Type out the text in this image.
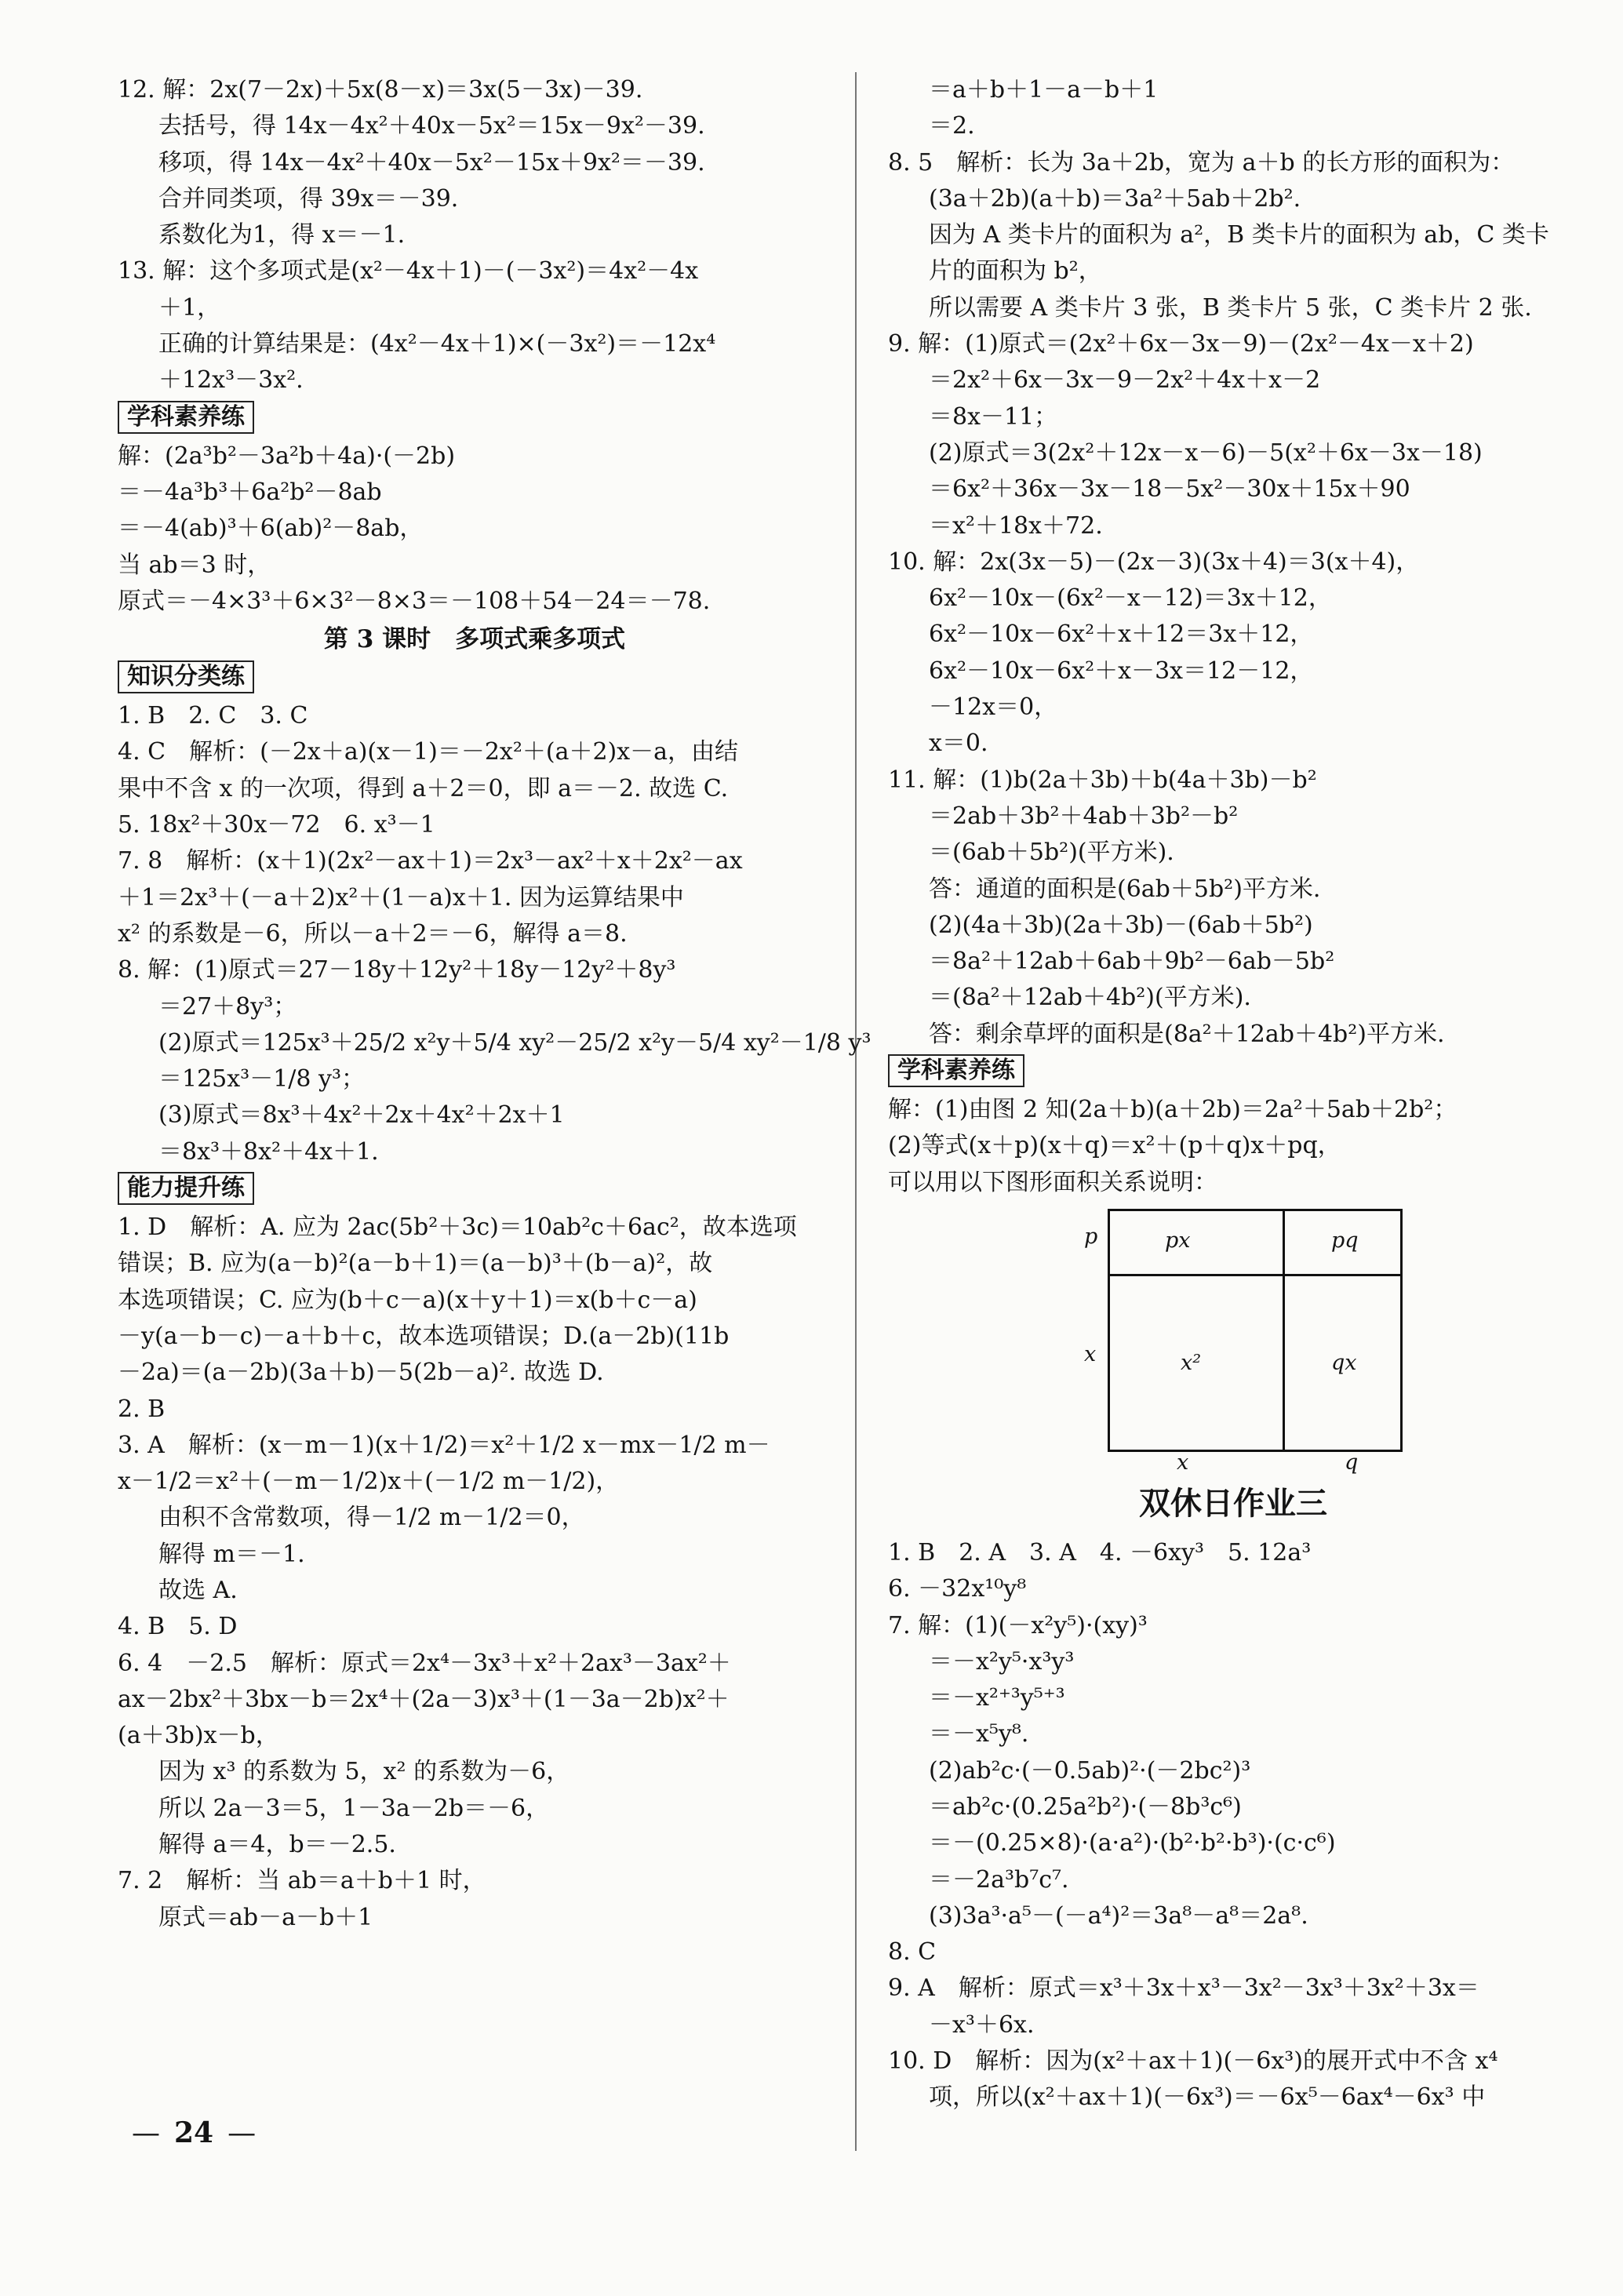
12. 解：2x(7－2x)＋5x(8－x)＝3x(5－3x)－39.
去括号，得 14x－4x²＋40x－5x²＝15x－9x²－39.
移项，得 14x－4x²＋40x－5x²－15x＋9x²＝－39.
合并同类项，得 39x＝－39.
系数化为1，得 x＝－1.
13. 解：这个多项式是(x²－4x＋1)－(－3x²)＝4x²－4x
＋1，
正确的计算结果是：(4x²－4x＋1)×(－3x²)＝－12x⁴
＋12x³－3x².
学科素养练
解：(2a³b²－3a²b＋4a)·(－2b)
＝－4a³b³＋6a²b²－8ab
＝－4(ab)³＋6(ab)²－8ab，
当 ab＝3 时，
原式＝－4×3³＋6×3²－8×3＝－108＋54－24＝－78.
第 3 课时　多项式乘多项式
知识分类练
1. B　2. C　3. C
4. C　解析：(－2x＋a)(x－1)＝－2x²＋(a＋2)x－a，由结
果中不含 x 的一次项，得到 a＋2＝0，即 a＝－2. 故选 C.
5. 18x²＋30x－72　6. x³－1
7. 8　解析：(x＋1)(2x²－ax＋1)＝2x³－ax²＋x＋2x²－ax
＋1＝2x³＋(－a＋2)x²＋(1－a)x＋1. 因为运算结果中
x² 的系数是－6，所以－a＋2＝－6，解得 a＝8.
8. 解：(1)原式＝27－18y＋12y²＋18y－12y²＋8y³
＝27＋8y³；
(2)原式＝125x³＋25/2 x²y＋5/4 xy²－25/2 x²y－5/4 xy²－1/8 y³
＝125x³－1/8 y³；
(3)原式＝8x³＋4x²＋2x＋4x²＋2x＋1
＝8x³＋8x²＋4x＋1.
能力提升练
1. D　解析：A. 应为 2ac(5b²＋3c)＝10ab²c＋6ac²，故本选项
错误；B. 应为(a－b)²(a－b＋1)＝(a－b)³＋(b－a)²，故
本选项错误；C. 应为(b＋c－a)(x＋y＋1)＝x(b＋c－a)
－y(a－b－c)－a＋b＋c，故本选项错误；D.(a－2b)(11b
－2a)＝(a－2b)(3a＋b)－5(2b－a)². 故选 D.
2. B
3. A　解析：(x－m－1)(x＋1/2)＝x²＋1/2 x－mx－1/2 m－
x－1/2＝x²＋(－m－1/2)x＋(－1/2 m－1/2)，
由积不含常数项，得－1/2 m－1/2＝0，
解得 m＝－1.
故选 A.
4. B　5. D
6. 4　－2.5　解析：原式＝2x⁴－3x³＋x²＋2ax³－3ax²＋
ax－2bx²＋3bx－b＝2x⁴＋(2a－3)x³＋(1－3a－2b)x²＋
(a＋3b)x－b，
因为 x³ 的系数为 5，x² 的系数为－6，
所以 2a－3＝5，1－3a－2b＝－6，
解得 a＝4，b＝－2.5.
7. 2　解析：当 ab＝a＋b＋1 时，
原式＝ab－a－b＋1
＝a＋b＋1－a－b＋1
＝2.
8. 5　解析：长为 3a＋2b，宽为 a＋b 的长方形的面积为：
(3a＋2b)(a＋b)＝3a²＋5ab＋2b².
因为 A 类卡片的面积为 a²，B 类卡片的面积为 ab，C 类卡
片的面积为 b²，
所以需要 A 类卡片 3 张，B 类卡片 5 张，C 类卡片 2 张.
9. 解：(1)原式＝(2x²＋6x－3x－9)－(2x²－4x－x＋2)
＝2x²＋6x－3x－9－2x²＋4x＋x－2
＝8x－11；
(2)原式＝3(2x²＋12x－x－6)－5(x²＋6x－3x－18)
＝6x²＋36x－3x－18－5x²－30x＋15x＋90
＝x²＋18x＋72.
10. 解：2x(3x－5)－(2x－3)(3x＋4)＝3(x＋4)，
6x²－10x－(6x²－x－12)＝3x＋12，
6x²－10x－6x²＋x＋12＝3x＋12，
6x²－10x－6x²＋x－3x＝12－12，
－12x＝0，
x＝0.
11. 解：(1)b(2a＋3b)＋b(4a＋3b)－b²
＝2ab＋3b²＋4ab＋3b²－b²
＝(6ab＋5b²)(平方米).
答：通道的面积是(6ab＋5b²)平方米.
(2)(4a＋3b)(2a＋3b)－(6ab＋5b²)
＝8a²＋12ab＋6ab＋9b²－6ab－5b²
＝(8a²＋12ab＋4b²)(平方米).
答：剩余草坪的面积是(8a²＋12ab＋4b²)平方米.
学科素养练
解：(1)由图 2 知(2a＋b)(a＋2b)＝2a²＋5ab＋2b²；
(2)等式(x＋p)(x＋q)＝x²＋(p＋q)x＋pq，
可以用以下图形面积关系说明：
px	pq
x²	qx
p
x
x	q
双休日作业三
1. B　2. A　3. A　4. －6xy³　5. 12a³
6. －32x¹⁰y⁸
7. 解：(1)(－x²y⁵)·(xy)³
＝－x²y⁵·x³y³
＝－x²⁺³y⁵⁺³
＝－x⁵y⁸.
(2)ab²c·(－0.5ab)²·(－2bc²)³
＝ab²c·(0.25a²b²)·(－8b³c⁶)
＝－(0.25×8)·(a·a²)·(b²·b²·b³)·(c·c⁶)
＝－2a³b⁷c⁷.
(3)3a³·a⁵－(－a⁴)²＝3a⁸－a⁸＝2a⁸.
8. C
9. A　解析：原式＝x³＋3x＋x³－3x²－3x³＋3x²＋3x＝
－x³＋6x.
10. D　解析：因为(x²＋ax＋1)(－6x³)的展开式中不含 x⁴
项，所以(x²＋ax＋1)(－6x³)＝－6x⁵－6ax⁴－6x³ 中
— 24 —
